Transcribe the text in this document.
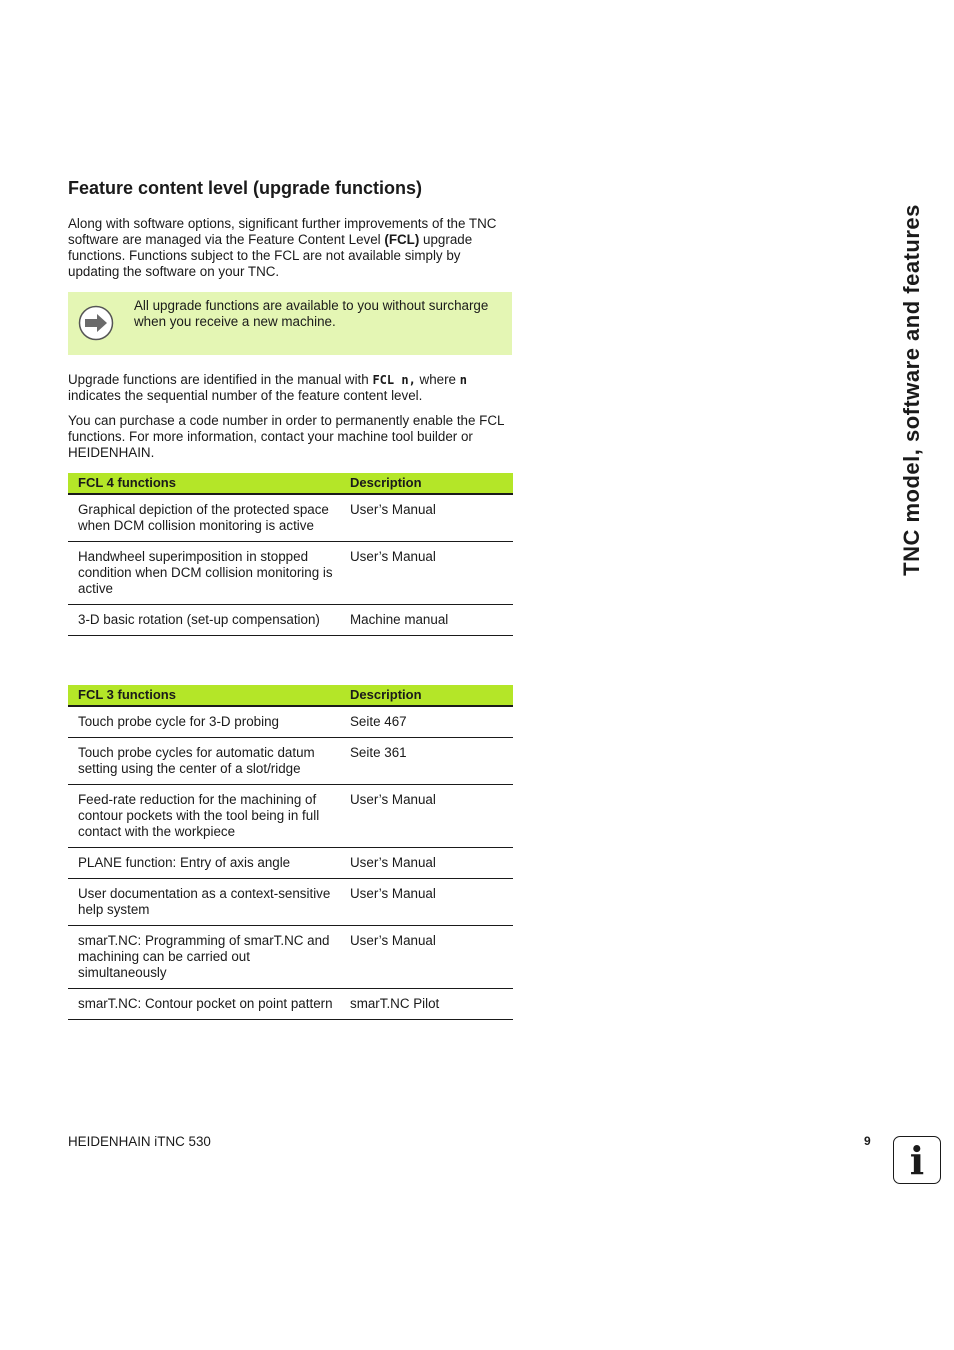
Feature content level (upgrade functions)

Along with software options, significant further improvements of the TNC software are managed via the Feature Content Level (FCL) upgrade functions. Functions subject to the FCL are not available simply by updating the software on your TNC.

All upgrade functions are available to you without surcharge when you receive a new machine.

Upgrade functions are identified in the manual with FCL n, where n indicates the sequential number of the feature content level.

You can purchase a code number in order to permanently enable the FCL functions. For more information, contact your machine tool builder or HEIDENHAIN.

FCL 4 functions	Description
Graphical depiction of the protected space when DCM collision monitoring is active	User’s Manual
Handwheel superimposition in stopped condition when DCM collision monitoring is active	User’s Manual
3-D basic rotation (set-up compensation)	Machine manual
FCL 3 functions	Description
Touch probe cycle for 3-D probing	Seite 467
Touch probe cycles for automatic datum setting using the center of a slot/ridge	Seite 361
Feed-rate reduction for the machining of contour pockets with the tool being in full contact with the workpiece	User’s Manual
PLANE function: Entry of axis angle	User’s Manual
User documentation as a context-sensitive help system	User’s Manual
smarT.NC: Programming of smarT.NC and machining can be carried out simultaneously	User’s Manual
smarT.NC: Contour pocket on point pattern	smarT.NC Pilot
TNC model, software and features
HEIDENHAIN iTNC 530	9	i
